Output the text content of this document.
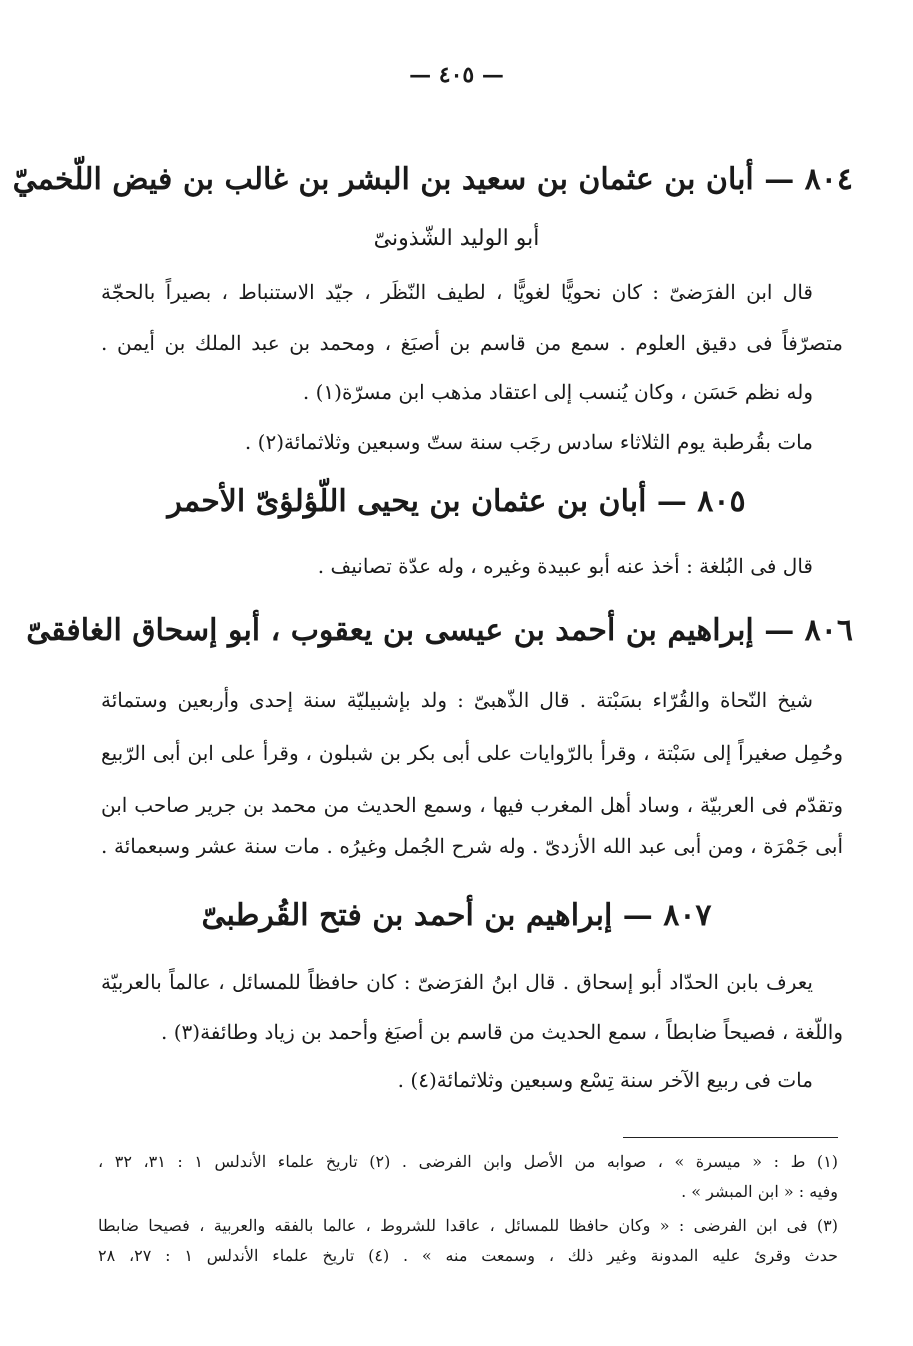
— ٤٠٥ —
٨٠٤ — أبان بن عثمان بن سعيد بن البشر بن غالب بن فيض اللّخميّ
أبو الوليد الشّذونىّ
قال ابن الفرَضىّ : كان نحويًّا لغويًّا ، لطيف النّظَر ، جيّد الاستنباط ، بصيراً بالحجّة
متصرّفاً فى دقيق العلوم . سمع من قاسم بن أصبَغ ، ومحمد بن عبد الملك بن أيمن .
وله نظم حَسَن ، وكان يُنسب إلى اعتقاد مذهب ابن مسرّة(١) .
مات بقُرطبة يوم الثلاثاء سادس رجَب سنة ستّ وسبعين وثلاثمائة(٢) .
٨٠٥ — أبان بن عثمان بن يحيى اللّؤلؤىّ الأحمر
قال فى البُلغة : أخذ عنه أبو عبيدة وغيره ، وله عدّة تصانيف .
٨٠٦ — إبراهيم بن أحمد بن عيسى بن يعقوب ، أبو إسحاق الغافقىّ
شيخ النّحاة والقُرّاء بسَبْتة . قال الذّهبىّ : ولد بإشبيليّة سنة إحدى وأربعين وستمائة
وحُمِل صغيراً إلى سَبْتة ، وقرأ بالرّوايات على أبى بكر بن شبلون ، وقرأ على ابن أبى الرّبيع
وتقدّم فى العربيّة ، وساد أهل المغرب فيها ، وسمع الحديث من محمد بن جرير صاحب ابن
أبى جَمْرَة ، ومن أبى عبد الله الأزدىّ . وله شرح الجُمل وغيرُه . مات سنة عشر وسبعمائة .
٨٠٧ — إبراهيم بن أحمد بن فتح القُرطبىّ
يعرف بابن الحدّاد أبو إسحاق . قال ابنُ الفرَضىّ : كان حافظاً للمسائل ، عالماً بالعربيّة
واللّغة ، فصيحاً ضابطاً ، سمع الحديث من قاسم بن أصبَغ وأحمد بن زياد وطائفة(٣) .
مات فى ربيع الآخر سنة تِسْع وسبعين وثلاثمائة(٤) .
(١) ط : « ميسرة » ، صوابه من الأصل وابن الفرضى . (٢) تاريخ علماء الأندلس ١ : ٣١، ٣٢ ،
وفيه : « ابن المبشر » .
(٣) فى ابن الفرضى : « وكان حافظا للمسائل ، عاقدا للشروط ، عالما بالفقه والعربية ، فصيحا ضابطا
حدث وقرئ عليه المدونة وغير ذلك ، وسمعت منه » . (٤) تاريخ علماء الأندلس ١ : ٢٧، ٢٨
